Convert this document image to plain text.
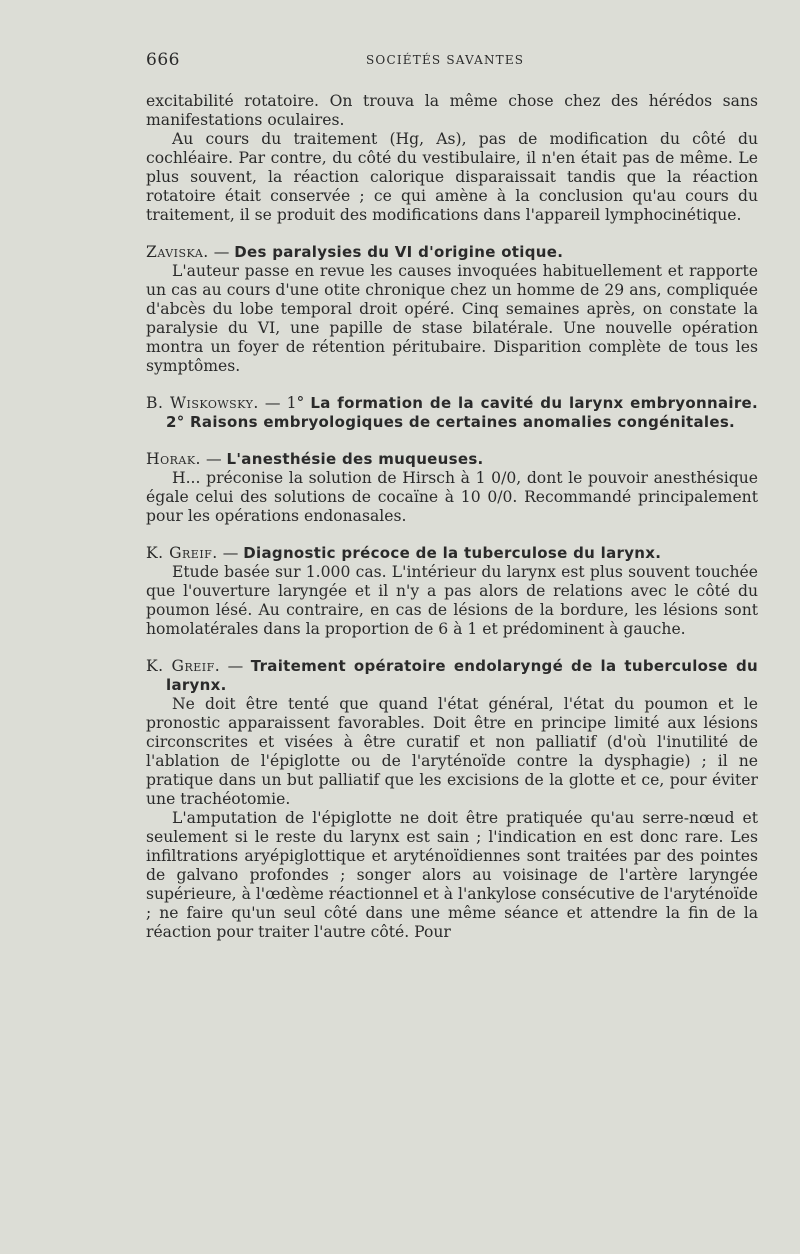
666	SOCIÉTÉS SAVANTES

excitabilité rotatoire. On trouva la même chose chez des hérédos sans manifestations oculaires.

Au cours du traitement (Hg, As), pas de modification du côté du cochléaire. Par contre, du côté du vestibulaire, il n'en était pas de même. Le plus souvent, la réaction calorique disparaissait tandis que la réaction rotatoire était conservée ; ce qui amène à la conclusion qu'au cours du traitement, il se produit des modifications dans l'appareil lymphocinétique.

Zaviska. — Des paralysies du VI d'origine otique.

L'auteur passe en revue les causes invoquées habituellement et rapporte un cas au cours d'une otite chronique chez un homme de 29 ans, compliquée d'abcès du lobe temporal droit opéré. Cinq semaines après, on constate la paralysie du VI, une papille de stase bilatérale. Une nouvelle opération montra un foyer de rétention péritubaire. Disparition complète de tous les symptômes.

B. Wiskowsky. — 1° La formation de la cavité du larynx embryonnaire. 2° Raisons embryologiques de certaines anomalies congénitales.

Horak. — L'anesthésie des muqueuses.

H... préconise la solution de Hirsch à 1 0/0, dont le pouvoir anesthésique égale celui des solutions de cocaïne à 10 0/0. Recommandé principalement pour les opérations endonasales.

K. Greif. — Diagnostic précoce de la tuberculose du larynx.

Etude basée sur 1.000 cas. L'intérieur du larynx est plus souvent touchée que l'ouverture laryngée et il n'y a pas alors de relations avec le côté du poumon lésé. Au contraire, en cas de lésions de la bordure, les lésions sont homolatérales dans la proportion de 6 à 1 et prédominent à gauche.

K. Greif. — Traitement opératoire endolaryngé de la tuberculose du larynx.

Ne doit être tenté que quand l'état général, l'état du poumon et le pronostic apparaissent favorables. Doit être en principe limité aux lésions circonscrites et visées à être curatif et non palliatif (d'où l'inutilité de l'ablation de l'épiglotte ou de l'aryténoïde contre la dysphagie) ; il ne pratique dans un but palliatif que les excisions de la glotte et ce, pour éviter une trachéotomie.

L'amputation de l'épiglotte ne doit être pratiquée qu'au serre-nœud et seulement si le reste du larynx est sain ; l'indication en est donc rare. Les infiltrations aryépiglottique et aryténoïdiennes sont traitées par des pointes de galvano profondes ; songer alors au voisinage de l'artère laryngée supérieure, à l'œdème réactionnel et à l'ankylose consécutive de l'aryténoïde ; ne faire qu'un seul côté dans une même séance et attendre la fin de la réaction pour traiter l'autre côté. Pour
